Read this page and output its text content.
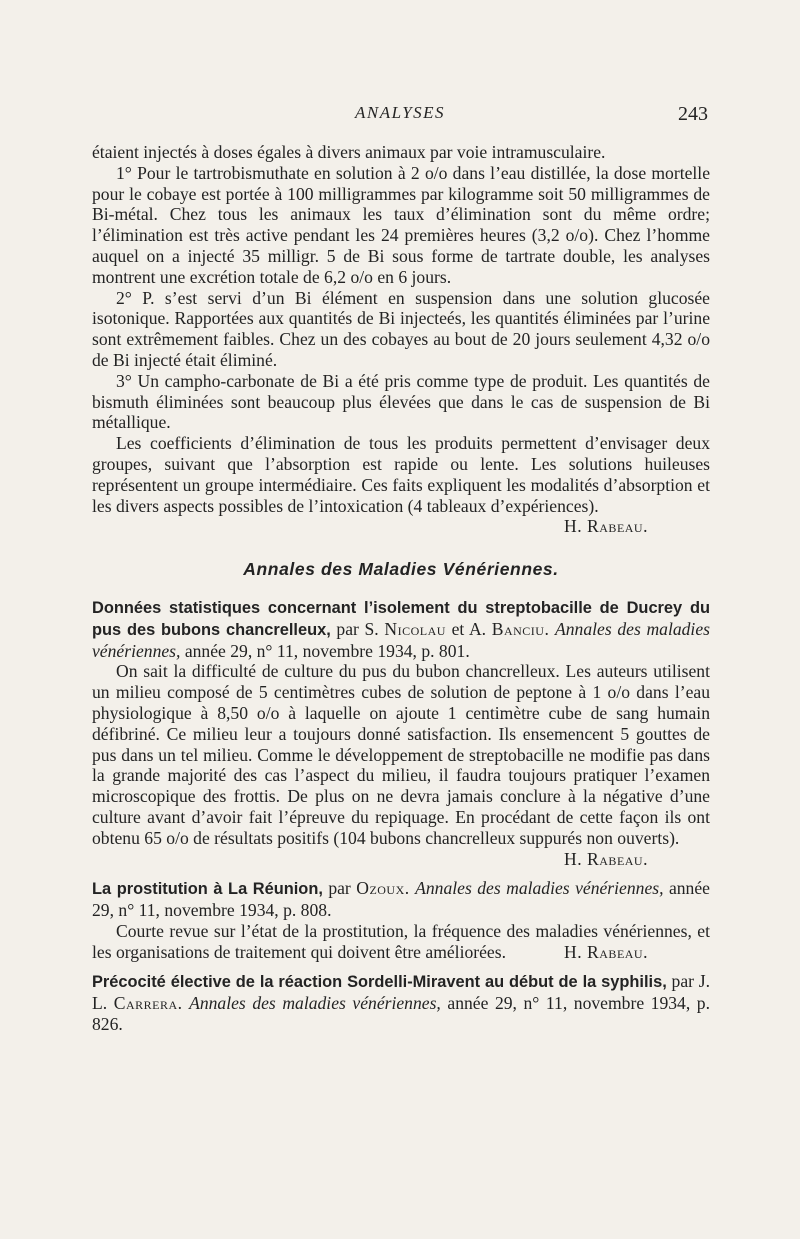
ANALYSES	243

étaient injectés à doses égales à divers animaux par voie intramusculaire.

1° Pour le tartrobismuthate en solution à 2 o/o dans l’eau distillée, la dose mortelle pour le cobaye est portée à 100 milligrammes par kilogramme soit 50 milligrammes de Bi-métal. Chez tous les animaux les taux d’élimination sont du même ordre; l’élimination est très active pendant les 24 premières heures (3,2 o/o). Chez l’homme auquel on a injecté 35 milligr. 5 de Bi sous forme de tartrate double, les analyses montrent une excrétion totale de 6,2 o/o en 6 jours.

2° P. s’est servi d’un Bi élément en suspension dans une solution glucosée isotonique. Rapportées aux quantités de Bi injecteés, les quantités éliminées par l’urine sont extrêmement faibles. Chez un des cobayes au bout de 20 jours seulement 4,32 o/o de Bi injecté était éliminé.

3° Un campho-carbonate de Bi a été pris comme type de produit. Les quantités de bismuth éliminées sont beaucoup plus élevées que dans le cas de suspension de Bi métallique.

Les coefficients d’élimination de tous les produits permettent d’envisager deux groupes, suivant que l’absorption est rapide ou lente. Les solutions huileuses représentent un groupe intermédiaire. Ces faits expliquent les modalités d’absorption et les divers aspects possibles de l’intoxication (4 tableaux d’expériences).
H. Rabeau.

Annales des Maladies Vénériennes.

Données statistiques concernant l’isolement du streptobacille de Ducrey du pus des bubons chancrelleux, par S. Nicolau et A. Banciu. Annales des maladies vénériennes, année 29, n° 11, novembre 1934, p. 801.

On sait la difficulté de culture du pus du bubon chancrelleux. Les auteurs utilisent un milieu composé de 5 centimètres cubes de solution de peptone à 1 o/o dans l’eau physiologique à 8,50 o/o à laquelle on ajoute 1 centimètre cube de sang humain défibriné. Ce milieu leur a toujours donné satisfaction. Ils ensemencent 5 gouttes de pus dans un tel milieu. Comme le développement de streptobacille ne modifie pas dans la grande majorité des cas l’aspect du milieu, il faudra toujours pratiquer l’examen microscopique des frottis. De plus on ne devra jamais conclure à la négative d’une culture avant d’avoir fait l’épreuve du repiquage. En procédant de cette façon ils ont obtenu 65 o/o de résultats positifs (104 bubons chancrelleux suppurés non ouverts).
H. Rabeau.

La prostitution à La Réunion, par Ozoux. Annales des maladies vénériennes, année 29, n° 11, novembre 1934, p. 808.

Courte revue sur l’état de la prostitution, la fréquence des maladies vénériennes, et les organisations de traitement qui doivent être améliorées.	H. Rabeau.

Précocité élective de la réaction Sordelli-Miravent au début de la syphilis, par J. L. Carrera. Annales des maladies vénériennes, année 29, n° 11, novembre 1934, p. 826.
